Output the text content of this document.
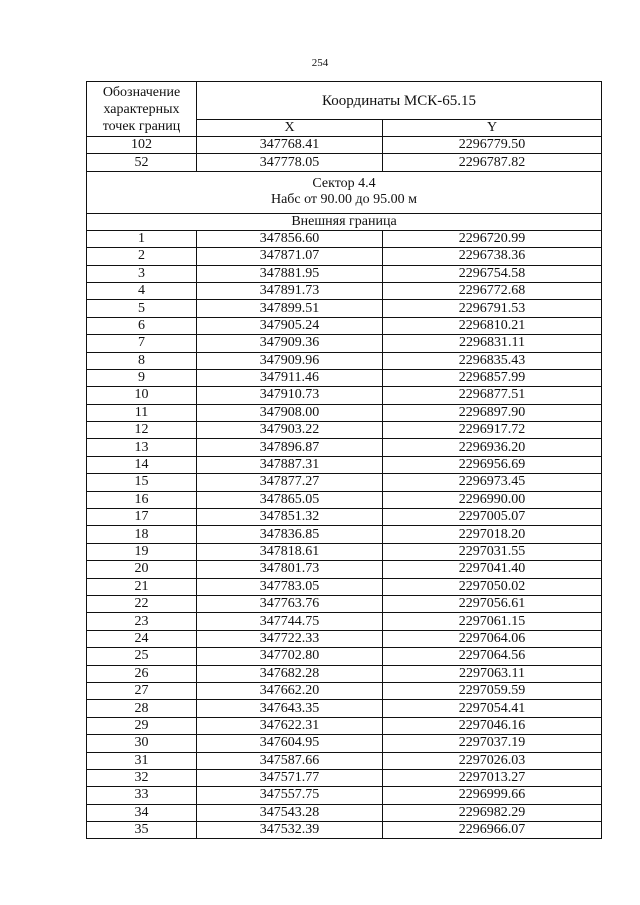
254
Обозначение характерных точек границ	Координаты МСК-65.15	
	X	Y
102	347768.41	2296779.50
52	347778.05	2296787.82

Сектор 4.4
Набс от 90.00 до 95.00 м		

Внешняя граница		
1	347856.60	2296720.99
2	347871.07	2296738.36
3	347881.95	2296754.58
4	347891.73	2296772.68
5	347899.51	2296791.53
6	347905.24	2296810.21
7	347909.36	2296831.11
8	347909.96	2296835.43
9	347911.46	2296857.99
10	347910.73	2296877.51
11	347908.00	2296897.90
12	347903.22	2296917.72
13	347896.87	2296936.20
14	347887.31	2296956.69
15	347877.27	2296973.45
16	347865.05	2296990.00
17	347851.32	2297005.07
18	347836.85	2297018.20
19	347818.61	2297031.55
20	347801.73	2297041.40
21	347783.05	2297050.02
22	347763.76	2297056.61
23	347744.75	2297061.15
24	347722.33	2297064.06
25	347702.80	2297064.56
26	347682.28	2297063.11
27	347662.20	2297059.59
28	347643.35	2297054.41
29	347622.31	2297046.16
30	347604.95	2297037.19
31	347587.66	2297026.03
32	347571.77	2297013.27
33	347557.75	2296999.66
34	347543.28	2296982.29
35	347532.39	2296966.07
